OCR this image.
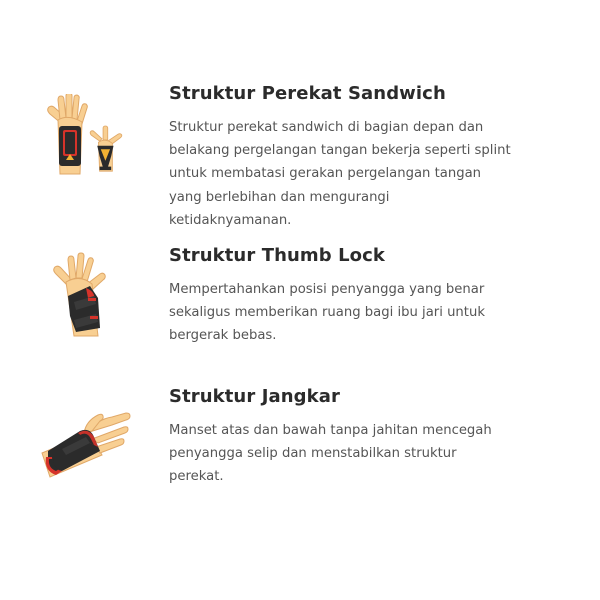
Struktur Perekat Sandwich

Struktur perekat sandwich di bagian depan dan belakang pergelangan tangan bekerja seperti splint untuk membatasi gerakan pergelangan tangan yang berlebihan dan mengurangi ketidaknyamanan.

Struktur Thumb Lock

Mempertahankan posisi penyangga yang benar sekaligus memberikan ruang bagi ibu jari untuk bergerak bebas.

Struktur Jangkar

Manset atas dan bawah tanpa jahitan mencegah penyangga selip dan menstabilkan struktur perekat.
